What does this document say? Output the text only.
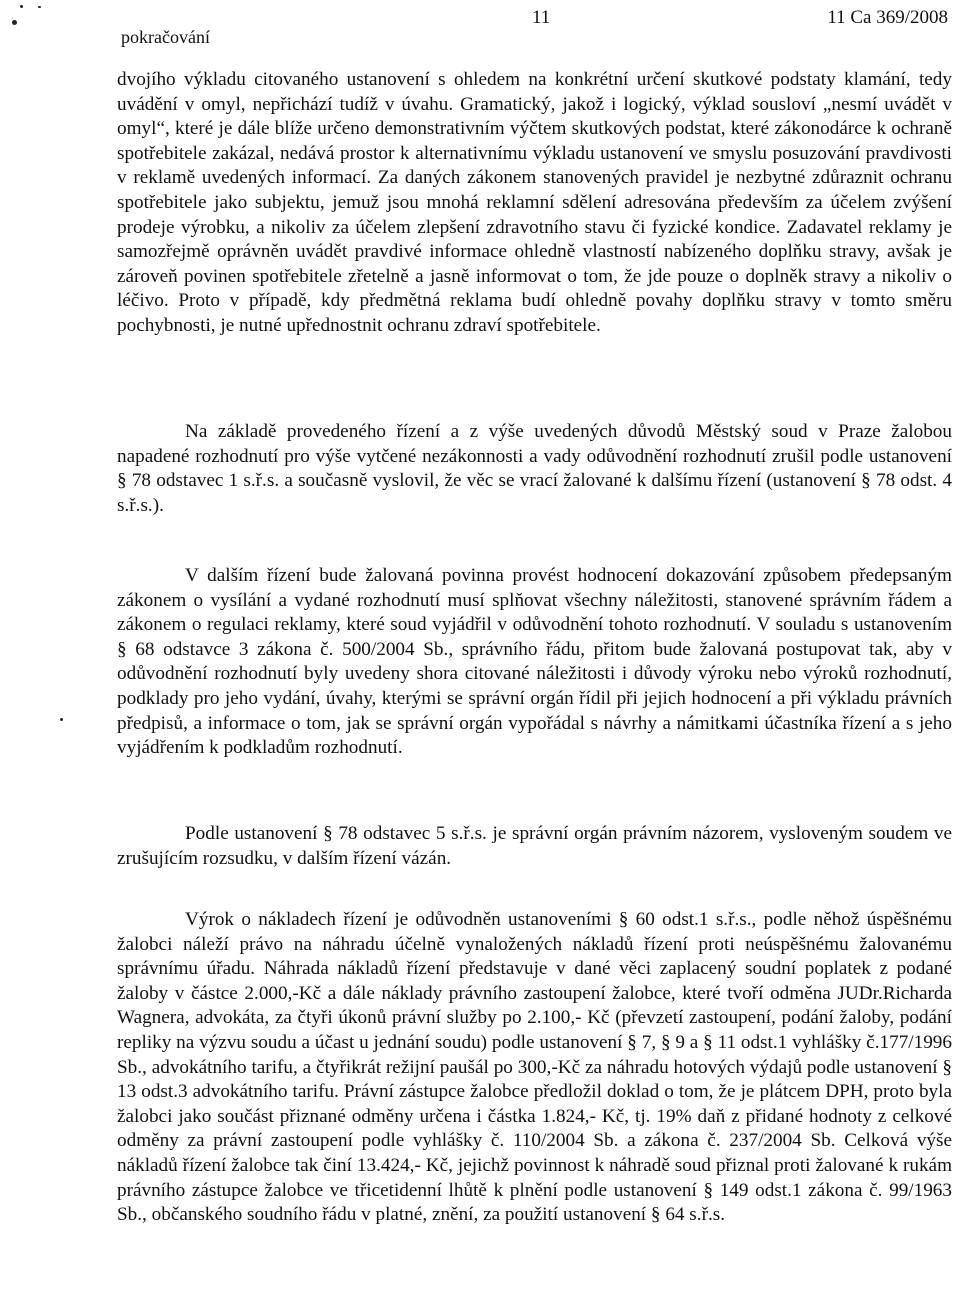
pokračování
11	11 Ca 369/2008

dvojího výkladu citovaného ustanovení s ohledem na konkrétní určení skutkové podstaty klamání, tedy uvádění v omyl, nepřichází tudíž v úvahu. Gramatický, jakož i logický, výklad sousloví „nesmí uvádět v omyl“, které je dále blíže určeno demonstrativním výčtem skutkových podstat, které zákonodárce k ochraně spotřebitele zakázal, nedává prostor k alternativnímu výkladu ustanovení ve smyslu posuzování pravdivosti v reklamě uvedených informací. Za daných zákonem stanovených pravidel je nezbytné zdůraznit ochranu spotřebitele jako subjektu, jemuž jsou mnohá reklamní sdělení adresována především za účelem zvýšení prodeje výrobku, a nikoliv za účelem zlepšení zdravotního stavu či fyzické kondice. Zadavatel reklamy je samozřejmě oprávněn uvádět pravdivé informace ohledně vlastností nabízeného doplňku stravy, avšak je zároveň povinen spotřebitele zřetelně a jasně informovat o tom, že jde pouze o doplněk stravy a nikoliv o léčivo. Proto v případě, kdy předmětná reklama budí ohledně povahy doplňku stravy v tomto směru pochybnosti, je nutné upřednostnit ochranu zdraví spotřebitele.

Na základě provedeného řízení a z výše uvedených důvodů Městský soud v Praze žalobou napadené rozhodnutí pro výše vytčené nezákonnosti a vady odůvodnění rozhodnutí zrušil podle ustanovení § 78 odstavec 1 s.ř.s. a současně vyslovil, že věc se vrací žalované k dalšímu řízení (ustanovení § 78 odst. 4 s.ř.s.).

V dalším řízení bude žalovaná povinna provést hodnocení dokazování způsobem předepsaným zákonem o vysílání a vydané rozhodnutí musí splňovat všechny náležitosti, stanovené správním řádem a zákonem o regulaci reklamy, které soud vyjádřil v odůvodnění tohoto rozhodnutí. V souladu s ustanovením § 68 odstavce 3 zákona č. 500/2004 Sb., správního řádu, přitom bude žalovaná postupovat tak, aby v odůvodnění rozhodnutí byly uvedeny shora citované náležitosti i důvody výroku nebo výroků rozhodnutí, podklady pro jeho vydání, úvahy, kterými se správní orgán řídil při jejich hodnocení a při výkladu právních předpisů, a informace o tom, jak se správní orgán vypořádal s návrhy a námitkami účastníka řízení a s jeho vyjádřením k podkladům rozhodnutí.

Podle ustanovení § 78 odstavec 5 s.ř.s. je správní orgán právním názorem, vysloveným soudem ve zrušujícím rozsudku, v dalším řízení vázán.

Výrok o nákladech řízení je odůvodněn ustanoveními § 60 odst.1 s.ř.s., podle něhož úspěšnému žalobci náleží právo na náhradu účelně vynaložených nákladů řízení proti neúspěšnému žalovanému správnímu úřadu. Náhrada nákladů řízení představuje v dané věci zaplacený soudní poplatek z podané žaloby v částce 2.000,-Kč a dále náklady právního zastoupení žalobce, které tvoří odměna JUDr.Richarda Wagnera, advokáta, za čtyři úkonů právní služby po 2.100,- Kč (převzetí zastoupení, podání žaloby, podání repliky na výzvu soudu a účast u jednání soudu) podle ustanovení § 7, § 9 a § 11 odst.1 vyhlášky č.177/1996 Sb., advokátního tarifu, a čtyřikrát režijní paušál po 300,-Kč za náhradu hotových výdajů podle ustanovení § 13 odst.3 advokátního tarifu. Právní zástupce žalobce předložil doklad o tom, že je plátcem DPH, proto byla žalobci jako součást přiznané odměny určena i částka 1.824,- Kč, tj. 19% daň z přidané hodnoty z celkové odměny za právní zastoupení podle vyhlášky č. 110/2004 Sb. a zákona č. 237/2004 Sb. Celková výše nákladů řízení žalobce tak činí 13.424,- Kč, jejichž povinnost k náhradě soud přiznal proti žalované k rukám právního zástupce žalobce ve třicetidenní lhůtě k plnění podle ustanovení § 149 odst.1 zákona č. 99/1963 Sb., občanského soudního řádu v platné, znění, za použití ustanovení § 64 s.ř.s.
